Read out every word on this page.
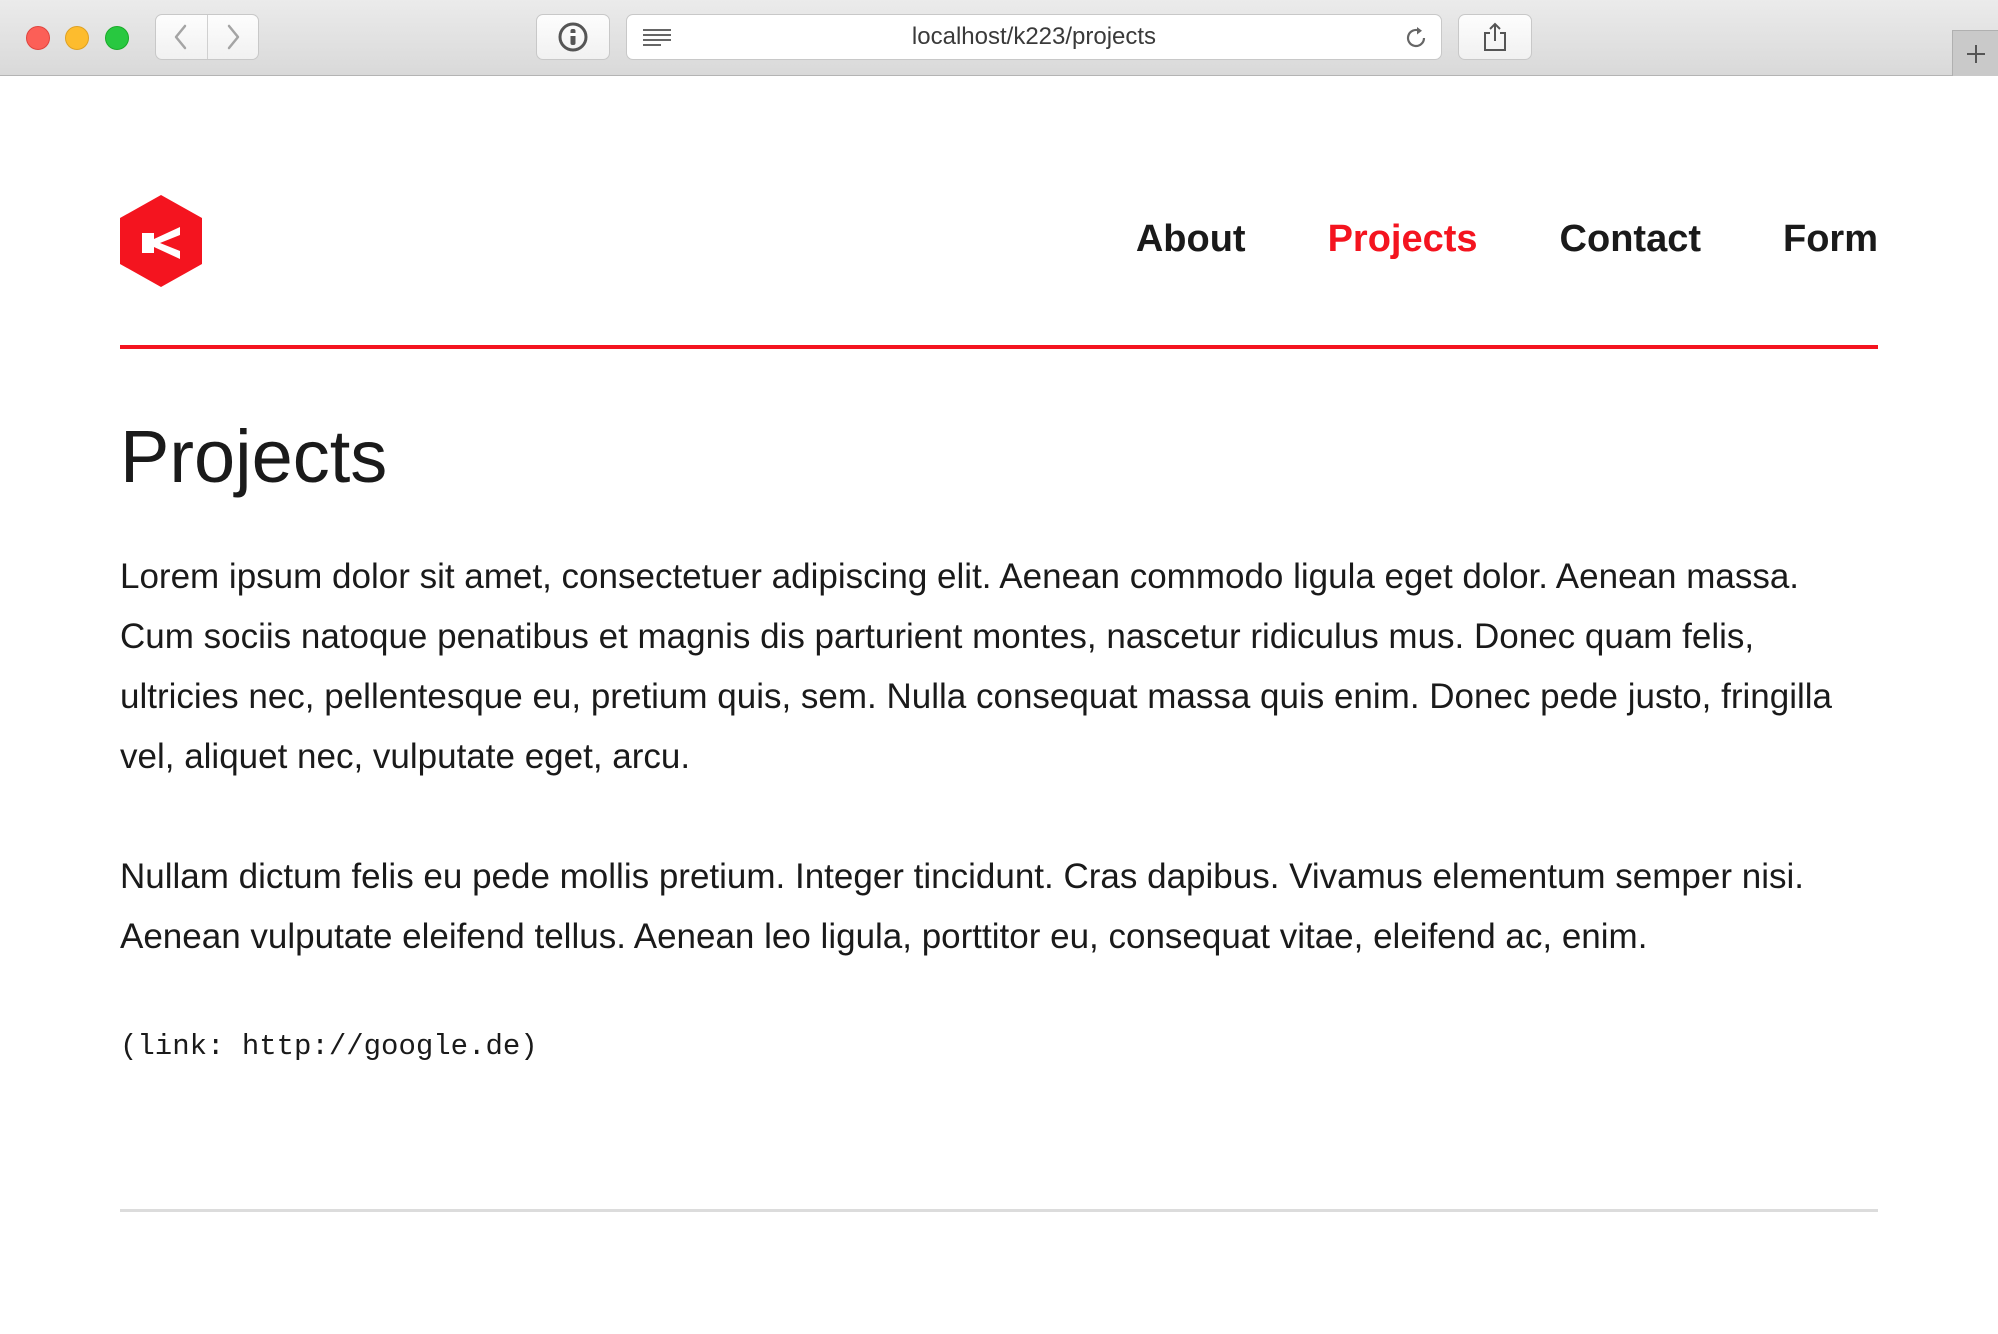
localhost/k223/projects
About Projects Contact Form
Projects

Lorem ipsum dolor sit amet, consectetuer adipiscing elit. Aenean commodo ligula eget dolor. Aenean massa. Cum sociis natoque penatibus et magnis dis parturient montes, nascetur ridiculus mus. Donec quam felis, ultricies nec, pellentesque eu, pretium quis, sem. Nulla consequat massa quis enim. Donec pede justo, fringilla vel, aliquet nec, vulputate eget, arcu.

Nullam dictum felis eu pede mollis pretium. Integer tincidunt. Cras dapibus. Vivamus elementum semper nisi. Aenean vulputate eleifend tellus. Aenean leo ligula, porttitor eu, consequat vitae, eleifend ac, enim.

(link: http://google.de)
